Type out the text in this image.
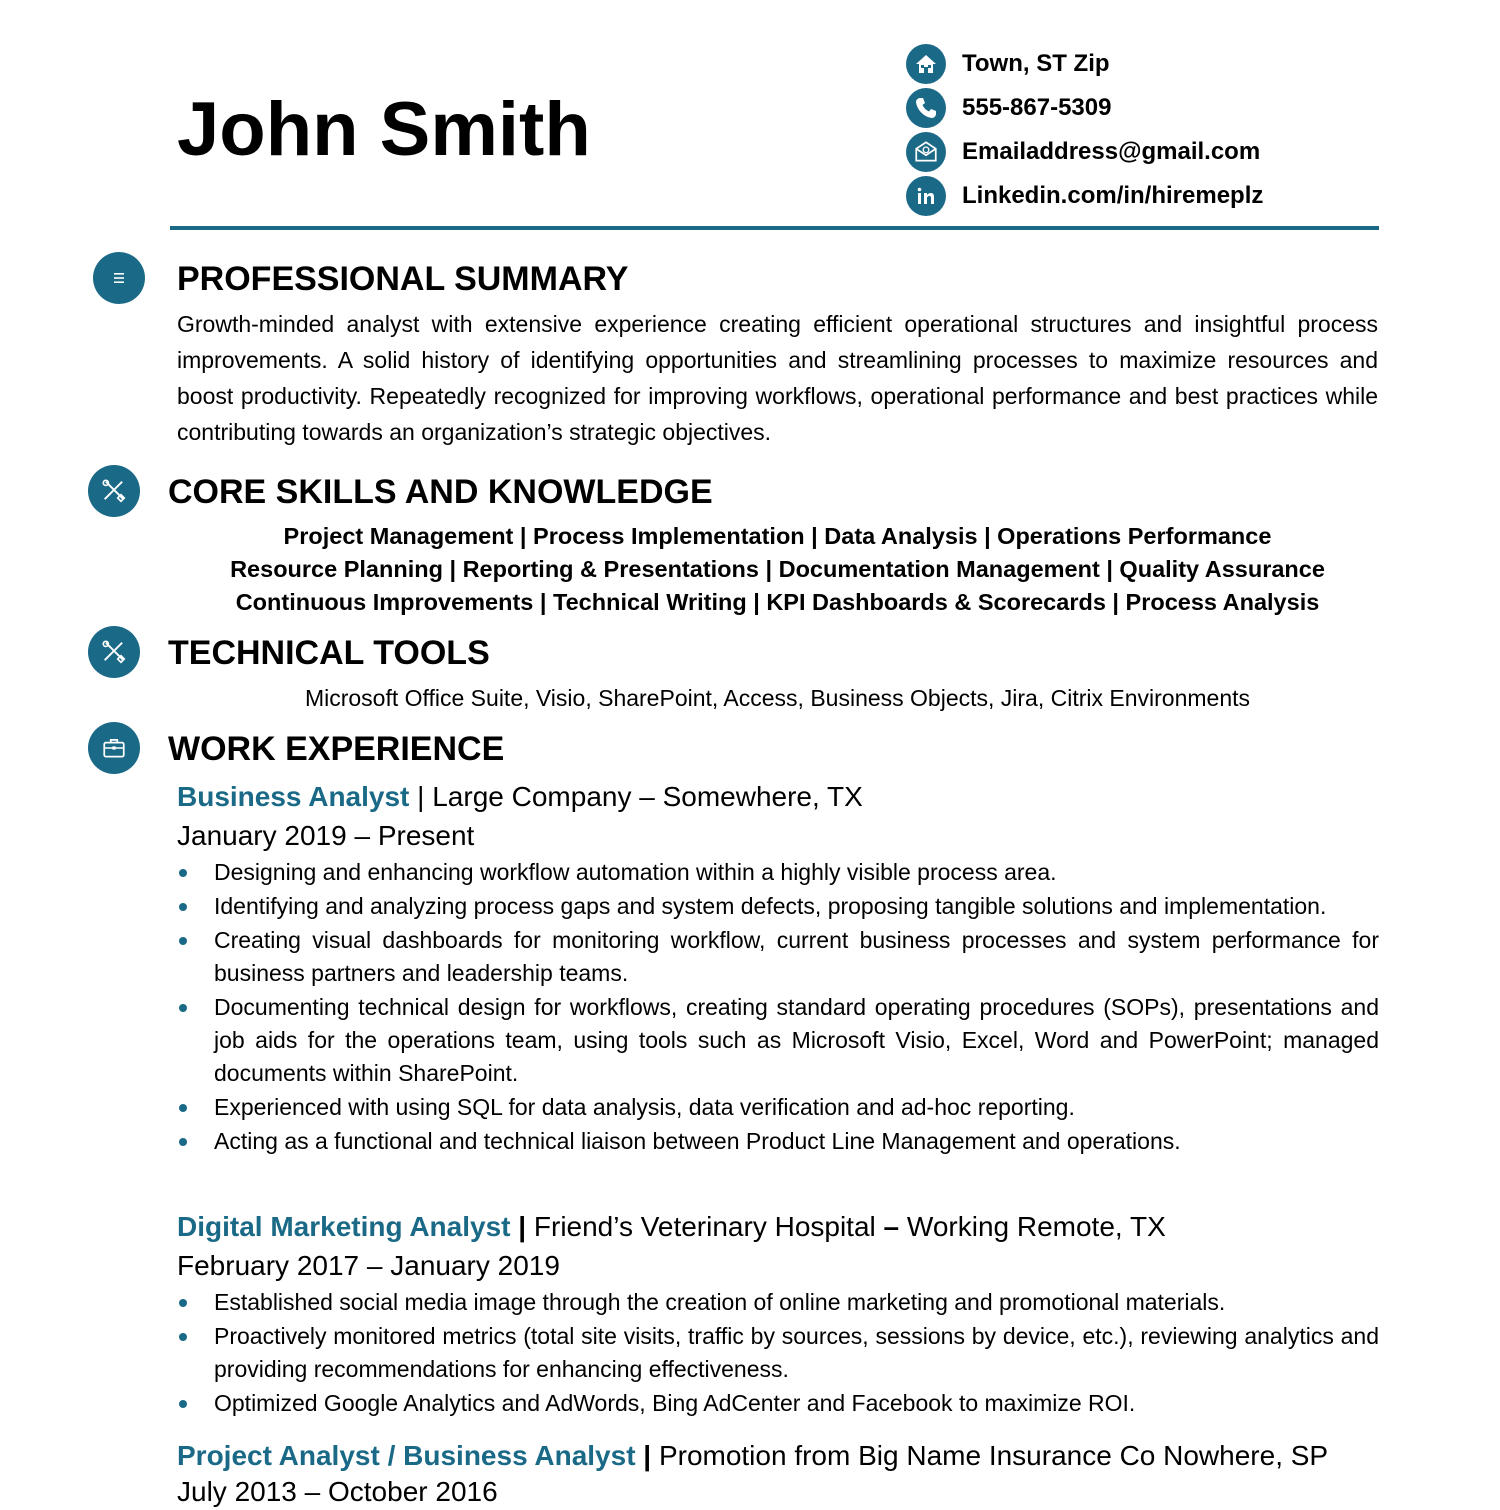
John Smith
Town, ST Zip
555-867-5309
Emailaddress@gmail.com
Linkedin.com/in/hiremeplz
PROFESSIONAL SUMMARY

Growth-minded analyst with extensive experience creating efficient operational structures and insightful process improvements. A solid history of identifying opportunities and streamlining processes to maximize resources and boost productivity. Repeatedly recognized for improving workflows, operational performance and best practices while contributing towards an organization’s strategic objectives.

CORE SKILLS AND KNOWLEDGE
Project Management | Process Implementation | Data Analysis | Operations Performance
Resource Planning | Reporting & Presentations | Documentation Management | Quality Assurance
Continuous Improvements | Technical Writing | KPI Dashboards & Scorecards | Process Analysis
TECHNICAL TOOLS
Microsoft Office Suite, Visio, SharePoint, Access, Business Objects, Jira, Citrix Environments
WORK EXPERIENCE
Business Analyst | Large Company – Somewhere, TX
January 2019 – Present
Designing and enhancing workflow automation within a highly visible process area.
Identifying and analyzing process gaps and system defects, proposing tangible solutions and implementation.
Creating visual dashboards for monitoring workflow, current business processes and system performance for business partners and leadership teams.
Documenting technical design for workflows, creating standard operating procedures (SOPs), presentations and job aids for the operations team, using tools such as Microsoft Visio, Excel, Word and PowerPoint; managed documents within SharePoint.
Experienced with using SQL for data analysis, data verification and ad-hoc reporting.
Acting as a functional and technical liaison between Product Line Management and operations.
Digital Marketing Analyst | Friend’s Veterinary Hospital – Working Remote, TX
February 2017 – January 2019
Established social media image through the creation of online marketing and promotional materials.
Proactively monitored metrics (total site visits, traffic by sources, sessions by device, etc.), reviewing analytics and providing recommendations for enhancing effectiveness.
Optimized Google Analytics and AdWords, Bing AdCenter and Facebook to maximize ROI.
Project Analyst / Business Analyst | Promotion from Big Name Insurance Co Nowhere, SP
July 2013 – October 2016
